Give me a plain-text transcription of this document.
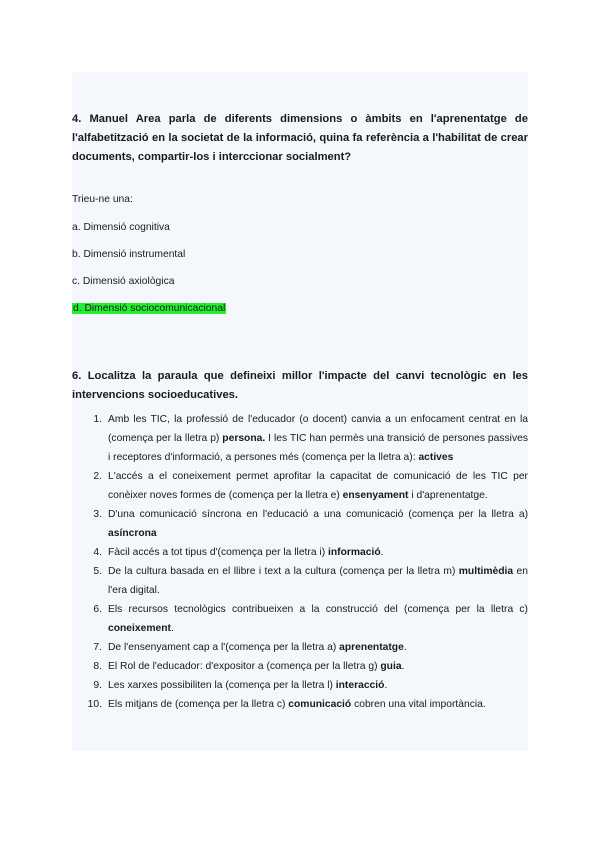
4. Manuel Area parla de diferents dimensions o àmbits en l'aprenentatge de l'alfabetització en la societat de la informació, quina fa referència a l'habilitat de crear documents, compartir-los i interccionar socialment?

Trieu-ne una:

a. Dimensió cognitiva

b. Dimensió instrumental

c. Dimensió axiològica

d. Dimensió sociocomunicacional

6. Localitza la paraula que defineixi millor l'impacte del canvi tecnològic en les intervencions socioeducatives.

1. Amb les TIC, la professió de l'educador (o docent) canvia a un enfocament centrat en la (comença per la lletra p) persona. I les TIC han permès una transició de persones passives i receptores d'informació, a persones més (comença per la lletra a): actives
2. L'accés a el coneixement permet aprofitar la capacitat de comunicació de les TIC per conèixer noves formes de (comença per la lletra e) ensenyament i d'aprenentatge.
3. D'una comunicació síncrona en l'educació a una comunicació (comença per la lletra a) asíncrona
4. Fàcil accés a tot tipus d'(comença per la lletra i) informació.
5. De la cultura basada en el llibre i text a la cultura (comença per la lletra m) multimèdia en l'era digital.
6. Els recursos tecnològics contribueixen a la construcció del (comença per la lletra c) coneixement.
7. De l'ensenyament cap a l'(comença per la lletra a) aprenentatge.
8. El Rol de l'educador: d'expositor a (comença per la lletra g) guia.
9. Les xarxes possibiliten la (comença per la lletra l) interacció.
10. Els mitjans de (comença per la lletra c) comunicació cobren una vital importància.
